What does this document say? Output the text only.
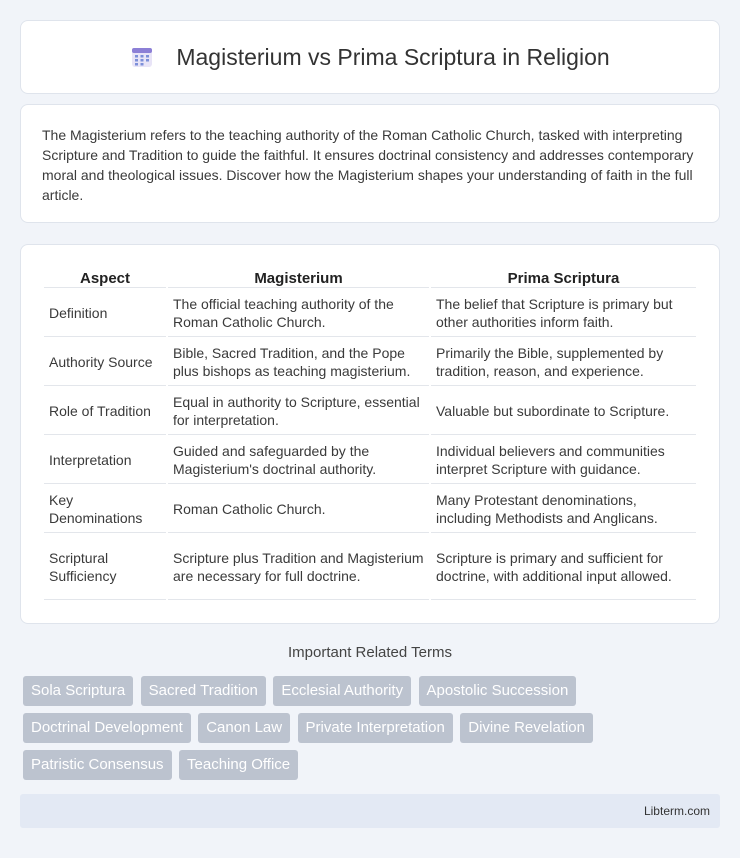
Magisterium vs Prima Scriptura in Religion

The Magisterium refers to the teaching authority of the Roman Catholic Church, tasked with interpreting Scripture and Tradition to guide the faithful. It ensures doctrinal consistency and addresses contemporary moral and theological issues. Discover how the Magisterium shapes your understanding of faith in the full article.

Aspect	Magisterium	Prima Scriptura
Definition	The official teaching authority of the Roman Catholic Church.	The belief that Scripture is primary but other authorities inform faith.
Authority Source	Bible, Sacred Tradition, and the Pope plus bishops as teaching magisterium.	Primarily the Bible, supplemented by tradition, reason, and experience.
Role of Tradition	Equal in authority to Scripture, essential for interpretation.	Valuable but subordinate to Scripture.
Interpretation	Guided and safeguarded by the Magisterium's doctrinal authority.	Individual believers and communities interpret Scripture with guidance.
Key Denominations	Roman Catholic Church.	Many Protestant denominations, including Methodists and Anglicans.
Scriptural Sufficiency	Scripture plus Tradition and Magisterium are necessary for full doctrine.	Scripture is primary and sufficient for doctrine, with additional input allowed.
Important Related Terms
Sola Scriptura Sacred Tradition Ecclesial Authority Apostolic Succession Doctrinal Development Canon Law Private Interpretation Divine Revelation Patristic Consensus Teaching Office
Libterm.com
